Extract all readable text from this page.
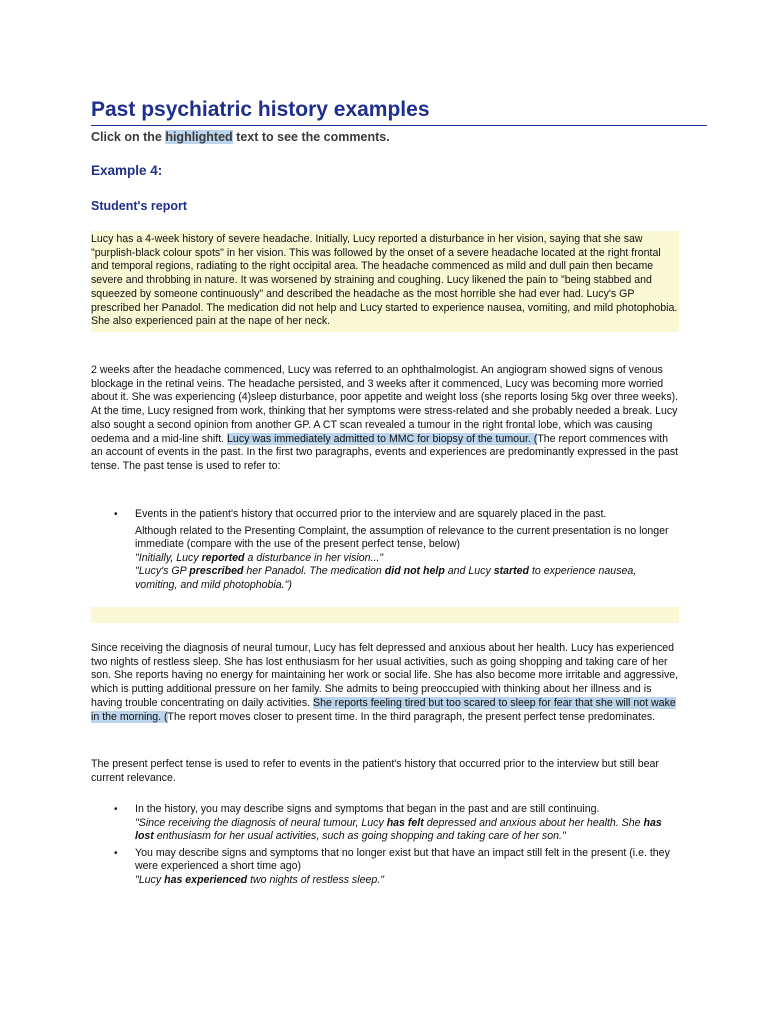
Past psychiatric history examples
Click on the highlighted text to see the comments.
Example 4:
Student's report
Lucy has a 4-week history of severe headache. Initially, Lucy reported a disturbance in her vision, saying that she saw "purplish-black colour spots" in her vision. This was followed by the onset of a severe headache located at the right frontal and temporal regions, radiating to the right occipital area. The headache commenced as mild and dull pain then became severe and throbbing in nature. It was worsened by straining and coughing. Lucy likened the pain to "being stabbed and squeezed by someone continuously" and described the headache as the most horrible she had ever had. Lucy's GP prescribed her Panadol. The medication did not help and Lucy started to experience nausea, vomiting, and mild photophobia. She also experienced pain at the nape of her neck.
2 weeks after the headache commenced, Lucy was referred to an ophthalmologist. An angiogram showed signs of venous blockage in the retinal veins. The headache persisted, and 3 weeks after it commenced, Lucy was becoming more worried about it. She was experiencing (4)sleep disturbance, poor appetite and weight loss (she reports losing 5kg over three weeks). At the time, Lucy resigned from work, thinking that her symptoms were stress-related and she probably needed a break. Lucy also sought a second opinion from another GP. A CT scan revealed a tumour in the right frontal lobe, which was causing oedema and a mid-line shift. Lucy was immediately admitted to MMC for biopsy of the tumour. (The report commences with an account of events in the past. In the first two paragraphs, events and experiences are predominantly expressed in the past tense. The past tense is used to refer to:
• Events in the patient's history that occurred prior to the interview and are squarely placed in the past.
Although related to the Presenting Complaint, the assumption of relevance to the current presentation is no longer immediate (compare with the use of the present perfect tense, below)
"Initially, Lucy reported a disturbance in her vision..."
"Lucy's GP prescribed her Panadol. The medication did not help and Lucy started to experience nausea, vomiting, and mild photophobia.")
Since receiving the diagnosis of neural tumour, Lucy has felt depressed and anxious about her health. Lucy has experienced two nights of restless sleep. She has lost enthusiasm for her usual activities, such as going shopping and taking care of her son. She reports having no energy for maintaining her work or social life. She has also become more irritable and aggressive, which is putting additional pressure on her family. She admits to being preoccupied with thinking about her illness and is having trouble concentrating on daily activities. She reports feeling tired but too scared to sleep for fear that she will not wake in the morning. (The report moves closer to present time. In the third paragraph, the present perfect tense predominates.
The present perfect tense is used to refer to events in the patient's history that occurred prior to the interview but still bear current relevance.
• In the history, you may describe signs and symptoms that began in the past and are still continuing.
"Since receiving the diagnosis of neural tumour, Lucy has felt depressed and anxious about her health. She has lost enthusiasm for her usual activities, such as going shopping and taking care of her son."
• You may describe signs and symptoms that no longer exist but that have an impact still felt in the present (i.e. they were experienced a short time ago)
"Lucy has experienced two nights of restless sleep."
